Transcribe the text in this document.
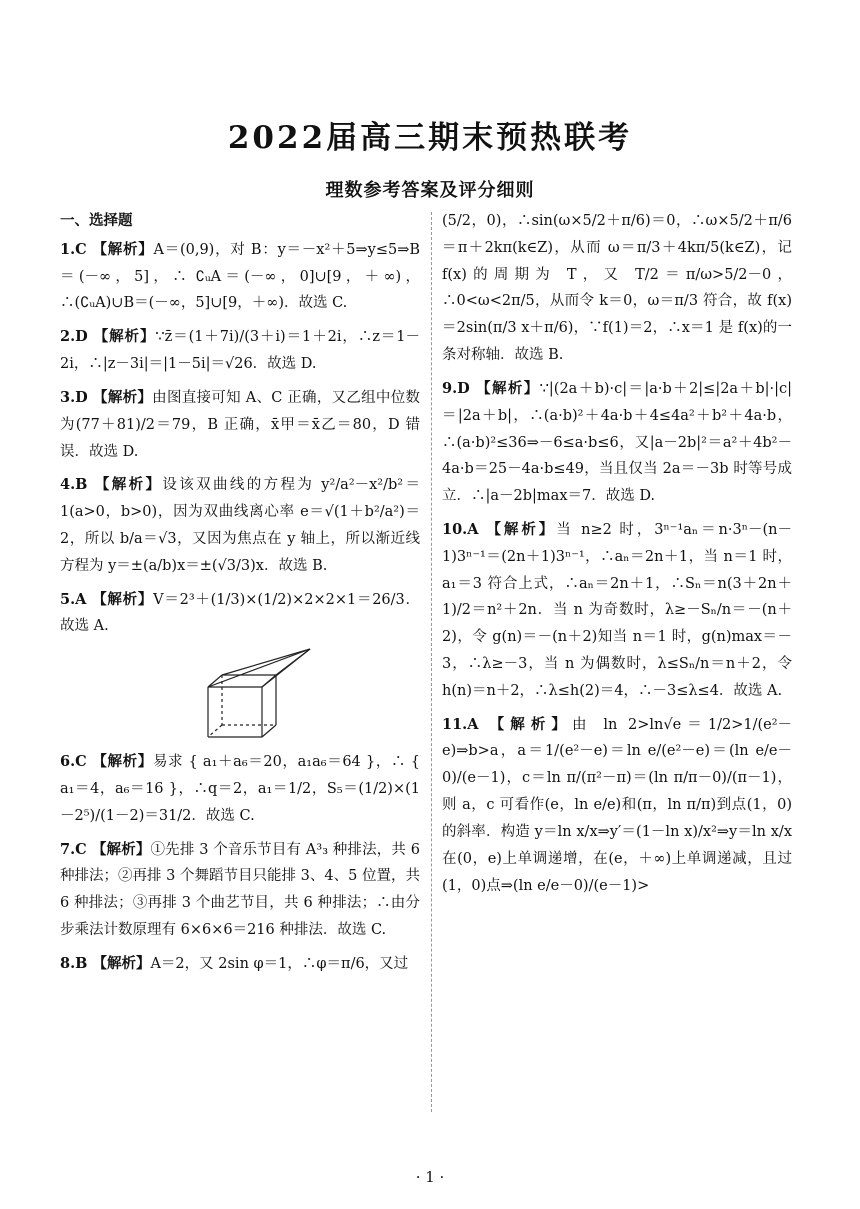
2022届高三期末预热联考
理数参考答案及评分细则
一、选择题
1.C 【解析】A＝(0,9)，对 B：y＝－x²＋5⇒y≤5⇒B＝(－∞，5]，∴ ∁ᵤA＝(－∞，0]∪[9，＋∞)，∴(∁ᵤA)∪B＝(－∞，5]∪[9，＋∞)．故选 C.
2.D 【解析】∵z̄＝(1＋7i)/(3＋i)＝1＋2i，∴z＝1－2i，∴|z－3i|＝|1－5i|＝√26．故选 D.
3.D 【解析】由图直接可知 A、C 正确，又乙组中位数为(77＋81)/2＝79，B 正确，x̄甲＝x̄乙＝80，D 错误．故选 D.
4.B 【解析】设该双曲线的方程为 y²/a²－x²/b²＝1(a>0，b>0)，因为双曲线离心率 e＝√(1＋b²/a²)＝2，所以 b/a＝√3，又因为焦点在 y 轴上，所以渐近线方程为 y＝±(a/b)x＝±(√3/3)x．故选 B.
5.A 【解析】V＝2³＋(1/3)×(1/2)×2×2×1＝26/3．故选 A.
6.C 【解析】易求 { a₁＋a₆＝20，a₁a₆＝64 }，∴ { a₁＝4，a₆＝16 }，∴q＝2，a₁＝1/2，S₅＝(1/2)×(1－2⁵)/(1－2)＝31/2．故选 C.
7.C 【解析】①先排 3 个音乐节目有 A³₃ 种排法，共 6 种排法；②再排 3 个舞蹈节目只能排 3、4、5 位置，共 6 种排法；③再排 3 个曲艺节目，共 6 种排法；∴由分步乘法计数原理有 6×6×6＝216 种排法．故选 C.
8.B 【解析】A＝2，又 2sin φ＝1，∴φ＝π/6，又过
(5/2，0)，∴sin(ω×5/2＋π/6)＝0，∴ω×5/2＋π/6＝π＋2kπ(k∈Z)，从而 ω＝π/3＋4kπ/5(k∈Z)，记 f(x)的周期为 T，又 T/2＝π/ω>5/2－0，∴0<ω<2π/5，从而令 k＝0，ω＝π/3 符合，故 f(x)＝2sin(π/3 x＋π/6)，∵f(1)＝2，∴x＝1 是 f(x)的一条对称轴．故选 B.
9.D 【解析】∵|(2a＋b)·c|＝|a·b＋2|≤|2a＋b|·|c|＝|2a＋b|，∴(a·b)²＋4a·b＋4≤4a²＋b²＋4a·b，∴(a·b)²≤36⇒－6≤a·b≤6，又|a－2b|²＝a²＋4b²－4a·b＝25－4a·b≤49，当且仅当 2a＝－3b 时等号成立．∴|a－2b|max＝7．故选 D.
10.A 【解析】当 n≥2 时，3ⁿ⁻¹aₙ＝n·3ⁿ－(n－1)3ⁿ⁻¹＝(2n＋1)3ⁿ⁻¹，∴aₙ＝2n＋1，当 n＝1 时，a₁＝3 符合上式，∴aₙ＝2n＋1，∴Sₙ＝n(3＋2n＋1)/2＝n²＋2n．当 n 为奇数时，λ≥－Sₙ/n＝－(n＋2)，令 g(n)＝－(n＋2)知当 n＝1 时，g(n)max＝－3，∴λ≥－3，当 n 为偶数时，λ≤Sₙ/n＝n＋2，令 h(n)＝n＋2，∴λ≤h(2)＝4，∴－3≤λ≤4．故选 A.
11.A 【解析】由 ln 2>ln√e＝1/2>1/(e²－e)⇒b>a，a＝1/(e²－e)＝ln e/(e²－e)＝(ln e/e－0)/(e－1)，c＝ln π/(π²－π)＝(ln π/π－0)/(π－1)，则 a，c 可看作(e，ln e/e)和(π，ln π/π)到点(1，0)的斜率．构造 y＝ln x/x⇒y′＝(1－ln x)/x²⇒y＝ln x/x 在(0，e)上单调递增，在(e，＋∞)上单调递减，且过(1，0)点⇒(ln e/e－0)/(e－1)>
· 1 ·
